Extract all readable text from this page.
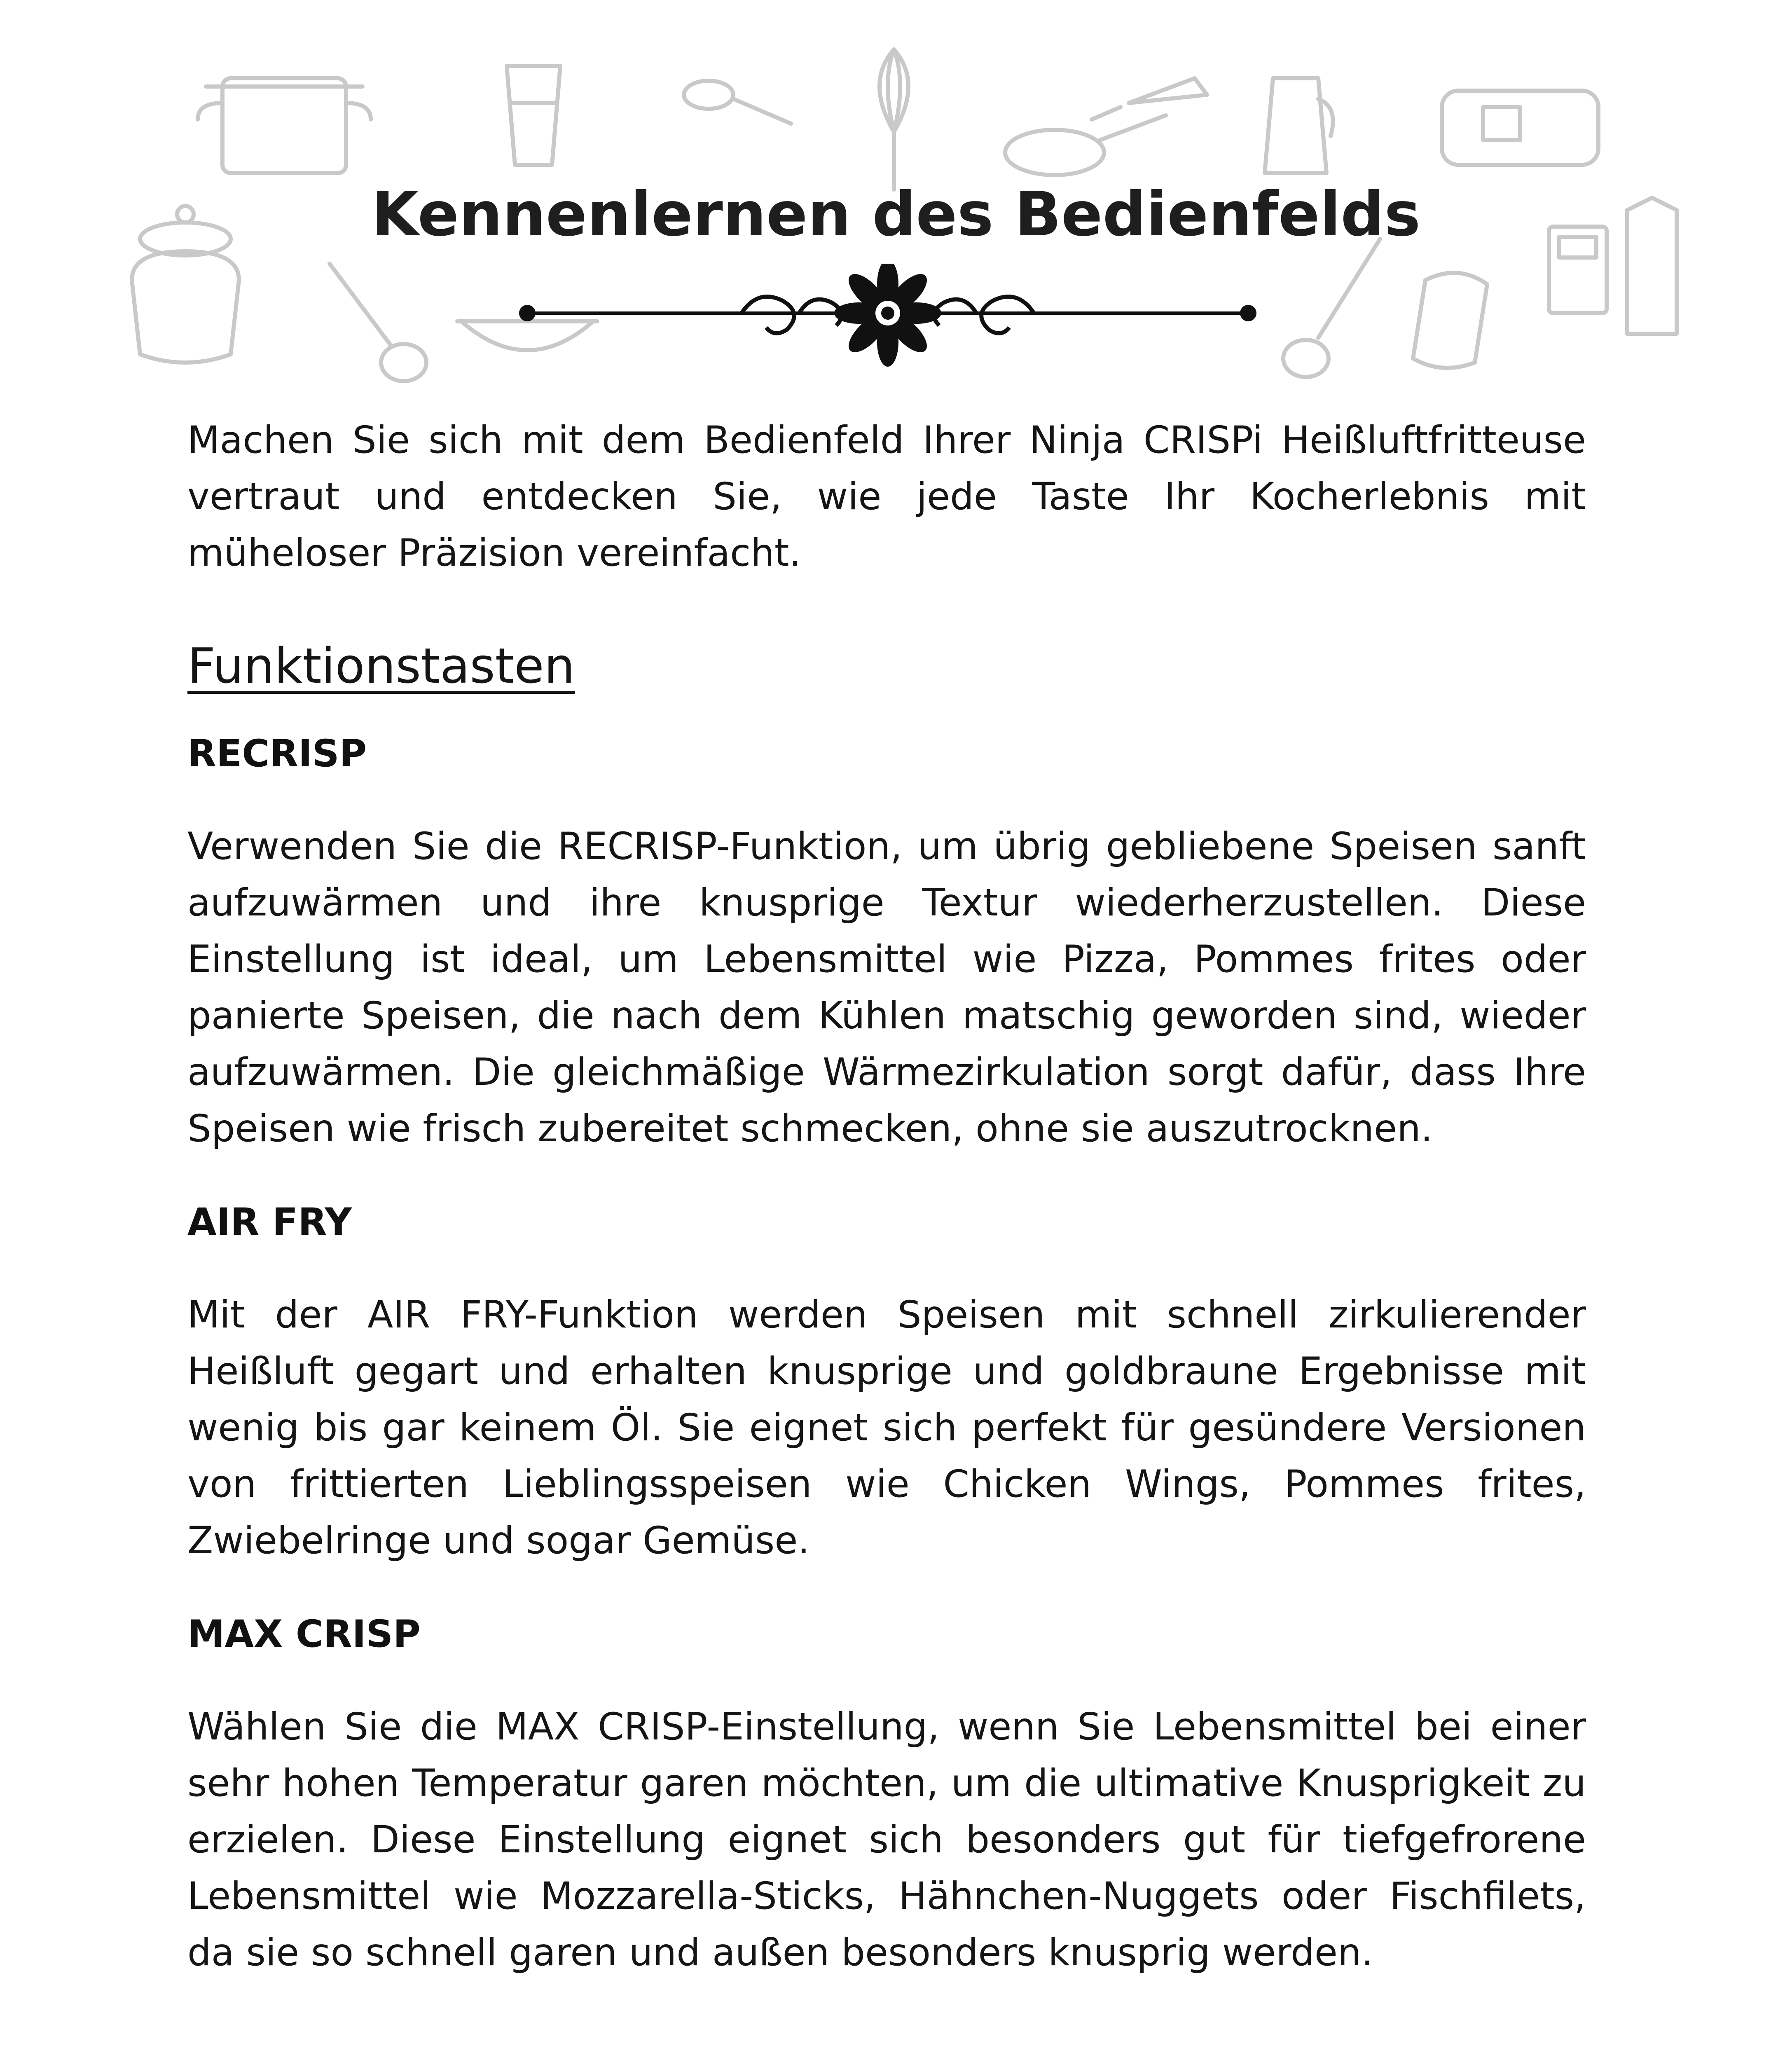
Kennenlernen des Bedienfelds

Machen Sie sich mit dem Bedienfeld Ihrer Ninja CRISPi Heißluftfritteuse vertraut und entdecken Sie, wie jede Taste Ihr Kocherlebnis mit müheloser Präzision vereinfacht.

Funktionstasten
RECRISP

Verwenden Sie die RECRISP-Funktion, um übrig gebliebene Speisen sanft aufzuwärmen und ihre knusprige Textur wiederherzustellen. Diese Einstellung ist ideal, um Lebensmittel wie Pizza, Pommes frites oder panierte Speisen, die nach dem Kühlen matschig geworden sind, wieder aufzuwärmen. Die gleichmäßige Wärmezirkulation sorgt dafür, dass Ihre Speisen wie frisch zubereitet schmecken, ohne sie auszutrocknen.

AIR FRY

Mit der AIR FRY-Funktion werden Speisen mit schnell zirkulierender Heißluft gegart und erhalten knusprige und goldbraune Ergebnisse mit wenig bis gar keinem Öl. Sie eignet sich perfekt für gesündere Versionen von frittierten Lieblingsspeisen wie Chicken Wings, Pommes frites, Zwiebelringe und sogar Gemüse.

MAX CRISP

Wählen Sie die MAX CRISP-Einstellung, wenn Sie Lebensmittel bei einer sehr hohen Temperatur garen möchten, um die ultimative Knusprigkeit zu erzielen. Diese Einstellung eignet sich besonders gut für tiefgefrorene Lebensmittel wie Mozzarella-Sticks, Hähnchen-Nuggets oder Fischfilets, da sie so schnell garen und außen besonders knusprig werden.
